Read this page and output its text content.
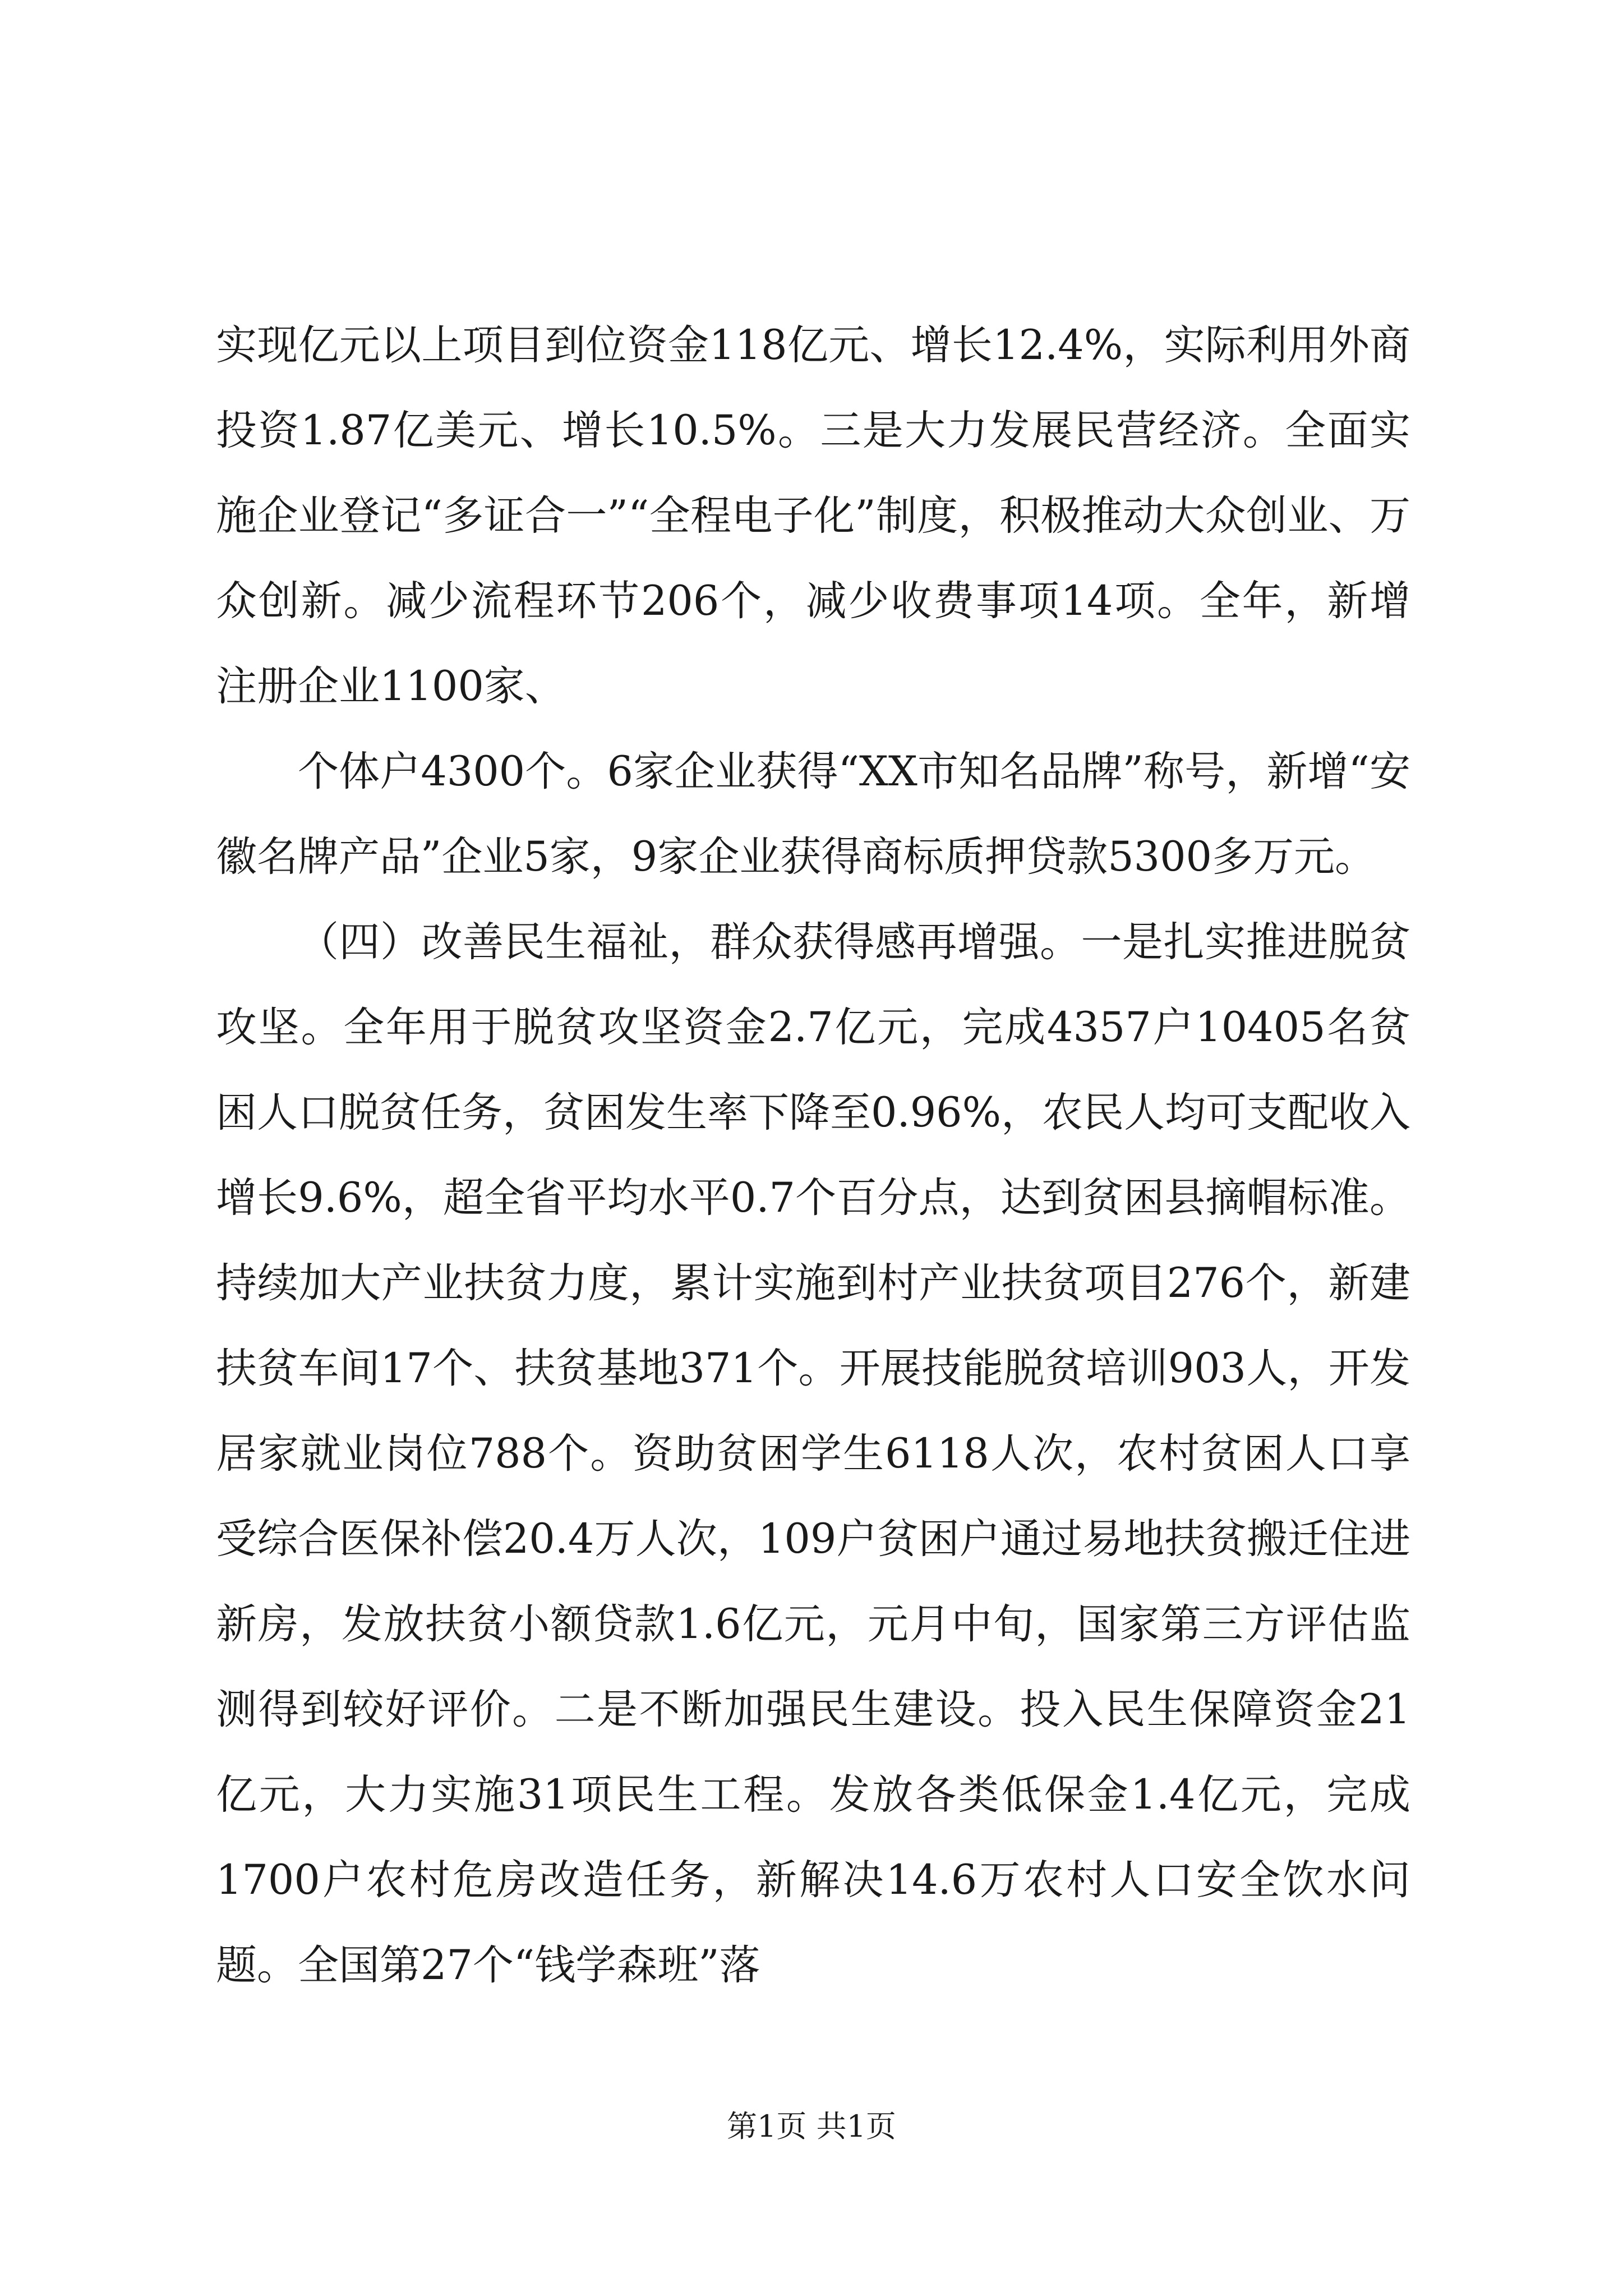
实现亿元以上项目到位资金118亿元、增长12.4%，实际利用外商投资1.87亿美元、增长10.5%。三是大力发展民营经济。全面实施企业登记“多证合一”“全程电子化”制度，积极推动大众创业、万众创新。减少流程环节206个，减少收费事项14项。全年，新增注册企业1100家、

个体户4300个。6家企业获得“XX市知名品牌”称号，新增“安徽名牌产品”企业5家，9家企业获得商标质押贷款5300多万元。

（四）改善民生福祉，群众获得感再增强。一是扎实推进脱贫攻坚。全年用于脱贫攻坚资金2.7亿元，完成4357户10405名贫困人口脱贫任务，贫困发生率下降至0.96%，农民人均可支配收入增长9.6%，超全省平均水平0.7个百分点，达到贫困县摘帽标准。持续加大产业扶贫力度，累计实施到村产业扶贫项目276个，新建扶贫车间17个、扶贫基地371个。开展技能脱贫培训903人，开发居家就业岗位788个。资助贫困学生6118人次，农村贫困人口享受综合医保补偿20.4万人次，109户贫困户通过易地扶贫搬迁住进新房，发放扶贫小额贷款1.6亿元，元月中旬，国家第三方评估监测得到较好评价。二是不断加强民生建设。投入民生保障资金21亿元，大力实施31项民生工程。发放各类低保金1.4亿元，完成1700户农村危房改造任务，新解决14.6万农村人口安全饮水问题。全国第27个“钱学森班”落

第1页 共1页
